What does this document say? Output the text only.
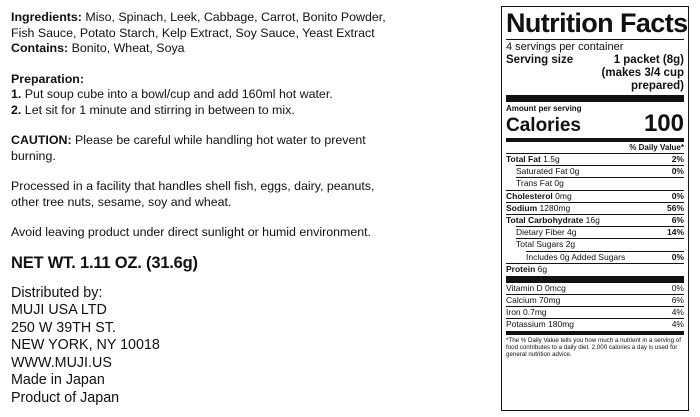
Ingredients: Miso, Spinach, Leek, Cabbage, Carrot, Bonito Powder,
Fish Sauce, Potato Starch, Kelp Extract, Soy Sauce, Yeast Extract
Contains: Bonito, Wheat, Soya
Preparation:
1. Put soup cube into a bowl/cup and add 160ml hot water.
2. Let sit for 1 minute and stirring in between to mix.
CAUTION: Please be careful while handling hot water to prevent
burning.
Processed in a facility that handles shell fish, eggs, dairy, peanuts,
other tree nuts, sesame, soy and wheat.
Avoid leaving product under direct sunlight or humid environment.
NET WT. 1.11 OZ. (31.6g)
Distributed by:
MUJI USA LTD
250 W 39TH ST.
NEW YORK, NY 10018
WWW.MUJI.US
Made in Japan
Product of Japan
Nutrition Facts
4 servings per container
Serving size	1 packet (8g)
(makes 3/4 cup
prepared)
Amount per serving
Calories	100
% Daily Value*
Total Fat 1.5g	2%
Saturated Fat 0g	0%
Trans Fat 0g
Cholesterol 0mg	0%
Sodium 1280mg	56%
Total Carbohydrate 16g	6%
Dietary Fiber 4g	14%
Total Sugars 2g
Includes 0g Added Sugars	0%
Protein 6g
Vitamin D 0mcg	0%
Calcium 70mg	6%
Iron 0.7mg	4%
Potassium 180mg	4%
*The % Daily Value tells you how much a nutrient in a serving of food contributes to a daily diet. 2,000 calories a day is used for general nutrition advice.
